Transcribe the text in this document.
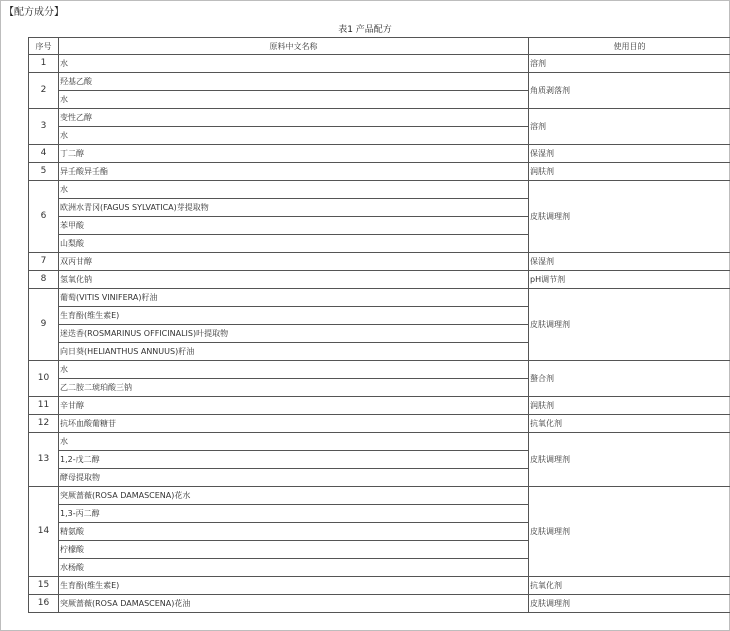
【配方成分】
表1 产品配方
序号	原料中文名称	使用目的
1	水	溶剂
2	羟基乙酸	角质剥落剂
	水	
3	变性乙醇	溶剂
	水	
4	丁二醇	保湿剂
5	异壬酸异壬酯	润肤剂
6	水	皮肤调理剂
	欧洲水青冈(FAGUS SYLVATICA)芽提取物	
	苯甲酸	
	山梨酸	
7	双丙甘醇	保湿剂
8	氢氧化钠	pH调节剂
9	葡萄(VITIS VINIFERA)籽油	皮肤调理剂
	生育酚(维生素E)	
	迷迭香(ROSMARINUS OFFICINALIS)叶提取物	
	向日葵(HELIANTHUS ANNUUS)籽油	
10	水	螯合剂
	乙二胺二琥珀酸三钠	
11	辛甘醇	润肤剂
12	抗坏血酸葡糖苷	抗氧化剂
13	水	皮肤调理剂
	1,2-戊二醇	
	酵母提取物	
14	突厥蔷薇(ROSA DAMASCENA)花水	皮肤调理剂
	1,3-丙二醇	
	精氨酸	
	柠檬酸	
	水杨酸	
15	生育酚(维生素E)	抗氧化剂
16	突厥蔷薇(ROSA DAMASCENA)花油	皮肤调理剂
